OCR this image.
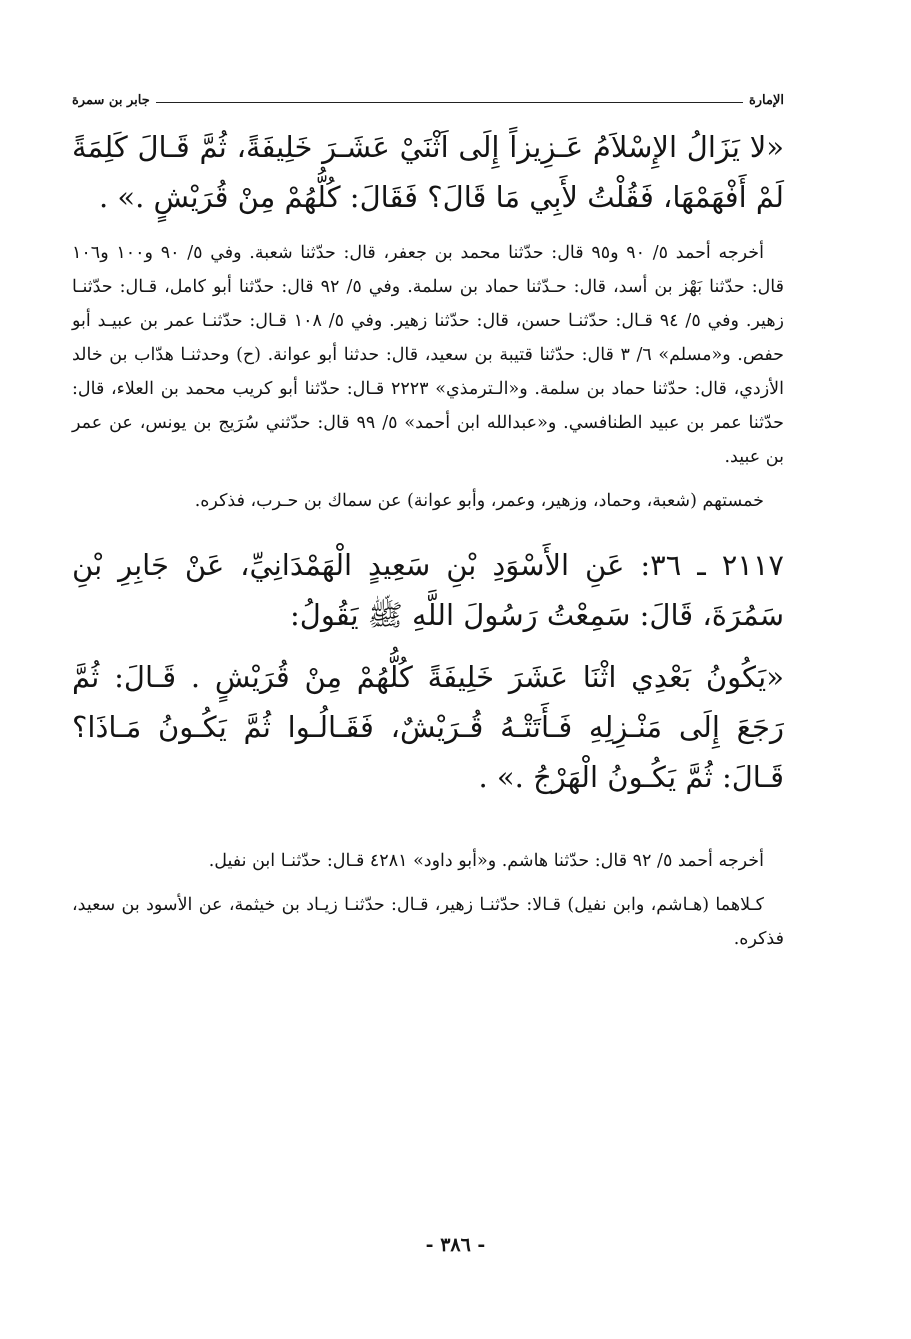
الإمارة
جابر بن سمرة

«لا يَزَالُ الإِسْلاَمُ عَـزِيزاً إِلَى اَثْنَيْ عَشَـرَ خَلِيفَةً، ثُمَّ قَـالَ كَلِمَةً لَمْ أَفْهَمْهَا، فَقُلْتُ لأَبِي مَا قَالَ؟ فَقَالَ: كُلُّهُمْ مِنْ قُرَيْشٍ .» .

أخرجه أحمد ٥/ ٩٠ و٩٥ قال: حدّثنا محمد بن جعفر، قال: حدّثنا شعبة. وفي ٥/ ٩٠ و١٠٠ و١٠٦ قال: حدّثنا بَهْز بن أسد، قال: حـدّثنا حماد بن سلمة. وفي ٥/ ٩٢ قال: حدّثنا أبو كامل، قـال: حدّثنـا زهير. وفي ٥/ ٩٤ قـال: حدّثنـا حسن، قال: حدّثنا زهير. وفي ٥/ ١٠٨ قـال: حدّثنـا عمر بن عبيـد أبو حفص. و«مسلم» ٦/ ٣ قال: حدّثنا قتيبة بن سعيد، قال: حدثنا أبو عوانة. (ح) وحدثنـا هدّاب بن خالد الأزدي، قال: حدّثنا حماد بن سلمة. و«الـترمذي» ٢٢٢٣ قـال: حدّثنا أبو كريب محمد بن العلاء، قال: حدّثنا عمر بن عبيد الطنافسي. و«عبدالله ابن أحمد» ٥/ ٩٩ قال: حدّثني سُرَيج بن يونس، عن عمر بن عبيد.

خمستهم (شعبة، وحماد، وزهير، وعمر، وأبو عوانة) عن سماك بن حـرب، فذكره.

٢١١٧ ـ ٣٦: عَنِ الأَسْوَدِ بْنِ سَعِيدٍ الْهَمْدَانِيِّ، عَنْ جَابِرِ بْنِ سَمُرَةَ، قَالَ: سَمِعْتُ رَسُولَ اللَّهِ ﷺ يَقُولُ:

«يَكُونُ بَعْدِي اثْنَا عَشَرَ خَلِيفَةً كُلُّهُمْ مِنْ قُرَيْشٍ . قَـالَ: ثُمَّ رَجَعَ إِلَى مَنْـزِلِهِ فَـأَتَتْـهُ قُـرَيْشٌ، فَقَـالُـوا ثُمَّ يَكُـونُ مَـاذَا؟ قَـالَ: ثُمَّ يَكُـونُ الْهَرْجُ .» .

أخرجه أحمد ٥/ ٩٢ قال: حدّثنا هاشم. و«أبو داود» ٤٢٨١ قـال: حدّثنـا ابن نفيل.

كـلاهما (هـاشم، وابن نفيل) قـالا: حدّثنـا زهير، قـال: حدّثنـا زيـاد بن خيثمة، عن الأسود بن سعيد، فذكره.

- ٣٨٦ -
